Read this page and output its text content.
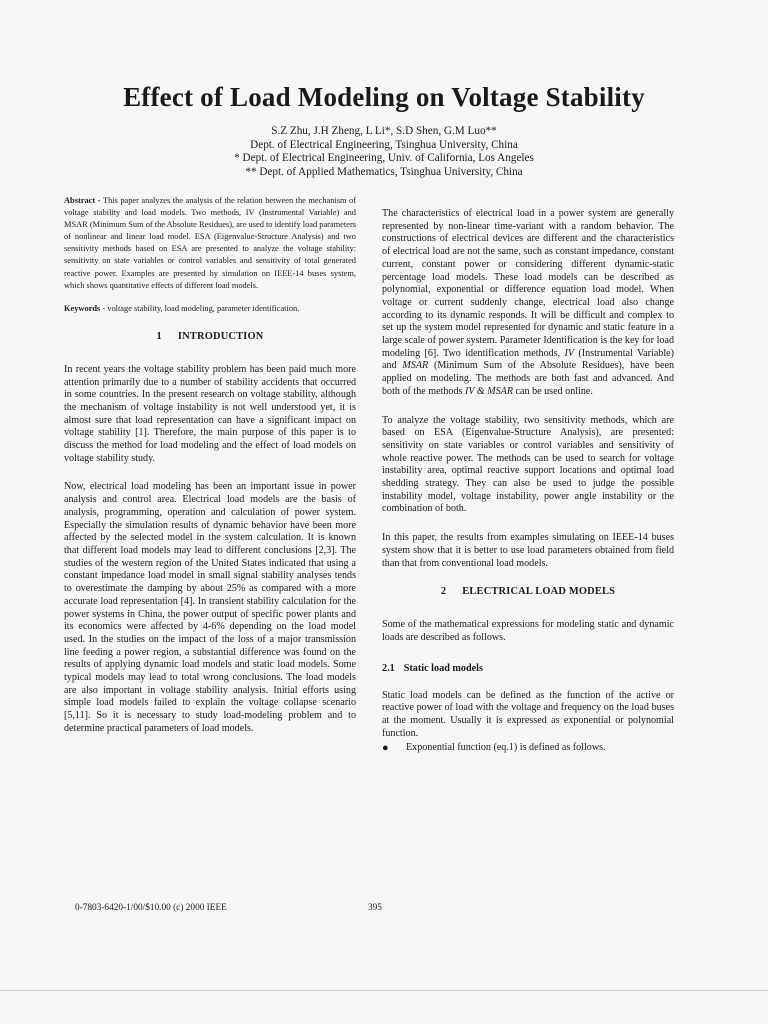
Effect of Load Modeling on Voltage Stability
S.Z Zhu, J.H Zheng, L Li*, S.D Shen, G.M Luo**
Dept. of Electrical Engineering, Tsinghua University, China
* Dept. of Electrical Engineering, Univ. of California, Los Angeles
** Dept. of Applied Mathematics, Tsinghua University, China

Abstract - This paper analyzes the analysis of the relation between the mechanism of voltage stability and load models. Two methods, IV (Instrumental Variable) and MSAR (Minimum Sum of the Absolute Residues), are used to identify load parameters of nonlinear and linear load model. ESA (Eigenvalue-Structure Analysis) and two sensitivity methods based on ESA are presented to analyze the voltage stability: sensitivity on state variables or control variables and sensitivity of total generated reactive power. Examples are presented by simulation on IEEE-14 buses system, which shows quantitative effects of different load models.

Keywords - voltage stability, load modeling, parameter identification.

1 INTRODUCTION

In recent years the voltage stability problem has been paid much more attention primarily due to a number of stability accidents that occurred in some countries. In the present research on voltage stability, although the mechanism of voltage instability is not well understood yet, it is almost sure that load representation can have a significant impact on voltage stability [1]. Therefore, the main purpose of this paper is to discuss the method for load modeling and the effect of load models on voltage stability study.

Now, electrical load modeling has been an important issue in power analysis and control area. Electrical load models are the basis of analysis, programming, operation and calculation of power system. Especially the simulation results of dynamic behavior have been more affected by the selected model in the system calculation. It is known that different load models may lead to different conclusions [2,3]. The studies of the western region of the United States indicated that using a constant impedance load model in small signal stability analyses tends to overestimate the damping by about 25% as compared with a more accurate load representation [4]. In transient stability calculation for the power systems in China, the power output of specific power plants and its economics were affected by 4-6% depending on the load model used. In the studies on the impact of the loss of a major transmission line feeding a power region, a substantial difference was found on the results of applying dynamic load models and static load models. Some typical models may lead to total wrong conclusions. The load models are also important in voltage stability analysis. Initial efforts using simple load models failed to explain the voltage collapse scenario [5,11]. So it is necessary to study load-modeling problem and to determine practical parameters of load models.

The characteristics of electrical load in a power system are generally represented by non-linear time-variant with a random behavior. The constructions of electrical devices are different and the characteristics of electrical load are not the same, such as constant impedance, constant current, constant power or considering different dynamic-static percentage load models. These load models can be described as polynomial, exponential or difference equation load model. When voltage or current suddenly change, electrical load also change according to its dynamic responds. It will be difficult and complex to set up the system model represented for dynamic and static feature in a large scale of power system. Parameter Identification is the key for load modeling [6]. Two identification methods, IV (Instrumental Variable) and MSAR (Minimum Sum of the Absolute Residues), have been applied on modeling. The methods are both fast and advanced. And both of the methods IV & MSAR can be used online.

To analyze the voltage stability, two sensitivity methods, which are based on ESA (Eigenvalue-Structure Analysis), are presented: sensitivity on state variables or control variables and sensitivity of whole reactive power. The methods can be used to search for voltage instability area, optimal reactive support locations and optimal load shedding strategy. They can also be used to judge the possible instability model, voltage instability, power angle instability or the combination of both.

In this paper, the results from examples simulating on IEEE-14 buses system show that it is better to use load parameters obtained from field than that from conventional load models.

2 ELECTRICAL LOAD MODELS

Some of the mathematical expressions for modeling static and dynamic loads are described as follows.

2.1 Static load models

Static load models can be defined as the function of the active or reactive power of load with the voltage and frequency on the load buses at the moment. Usually it is expressed as exponential or polynomial function.

●	Exponential function (eq.1) is defined as follows.
0-7803-6420-1/00/$10.00 (c) 2000 IEEE	395
